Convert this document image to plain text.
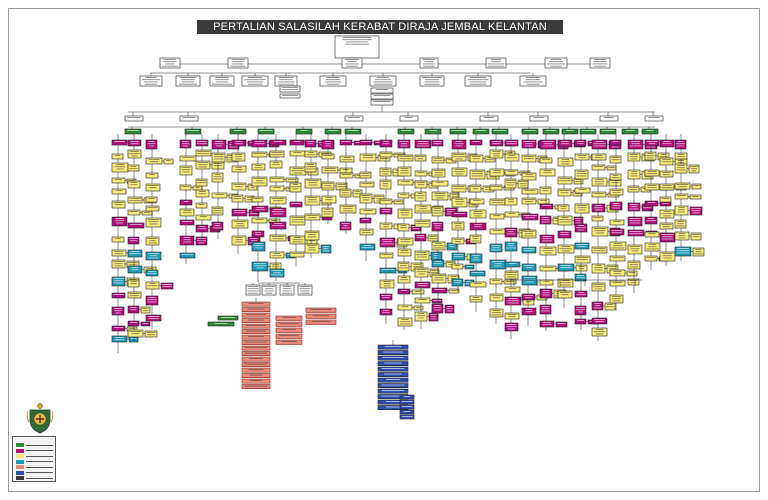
PERTALIAN SALASILAH KERABAT DIRAJA JEMBAL KELANTAN
